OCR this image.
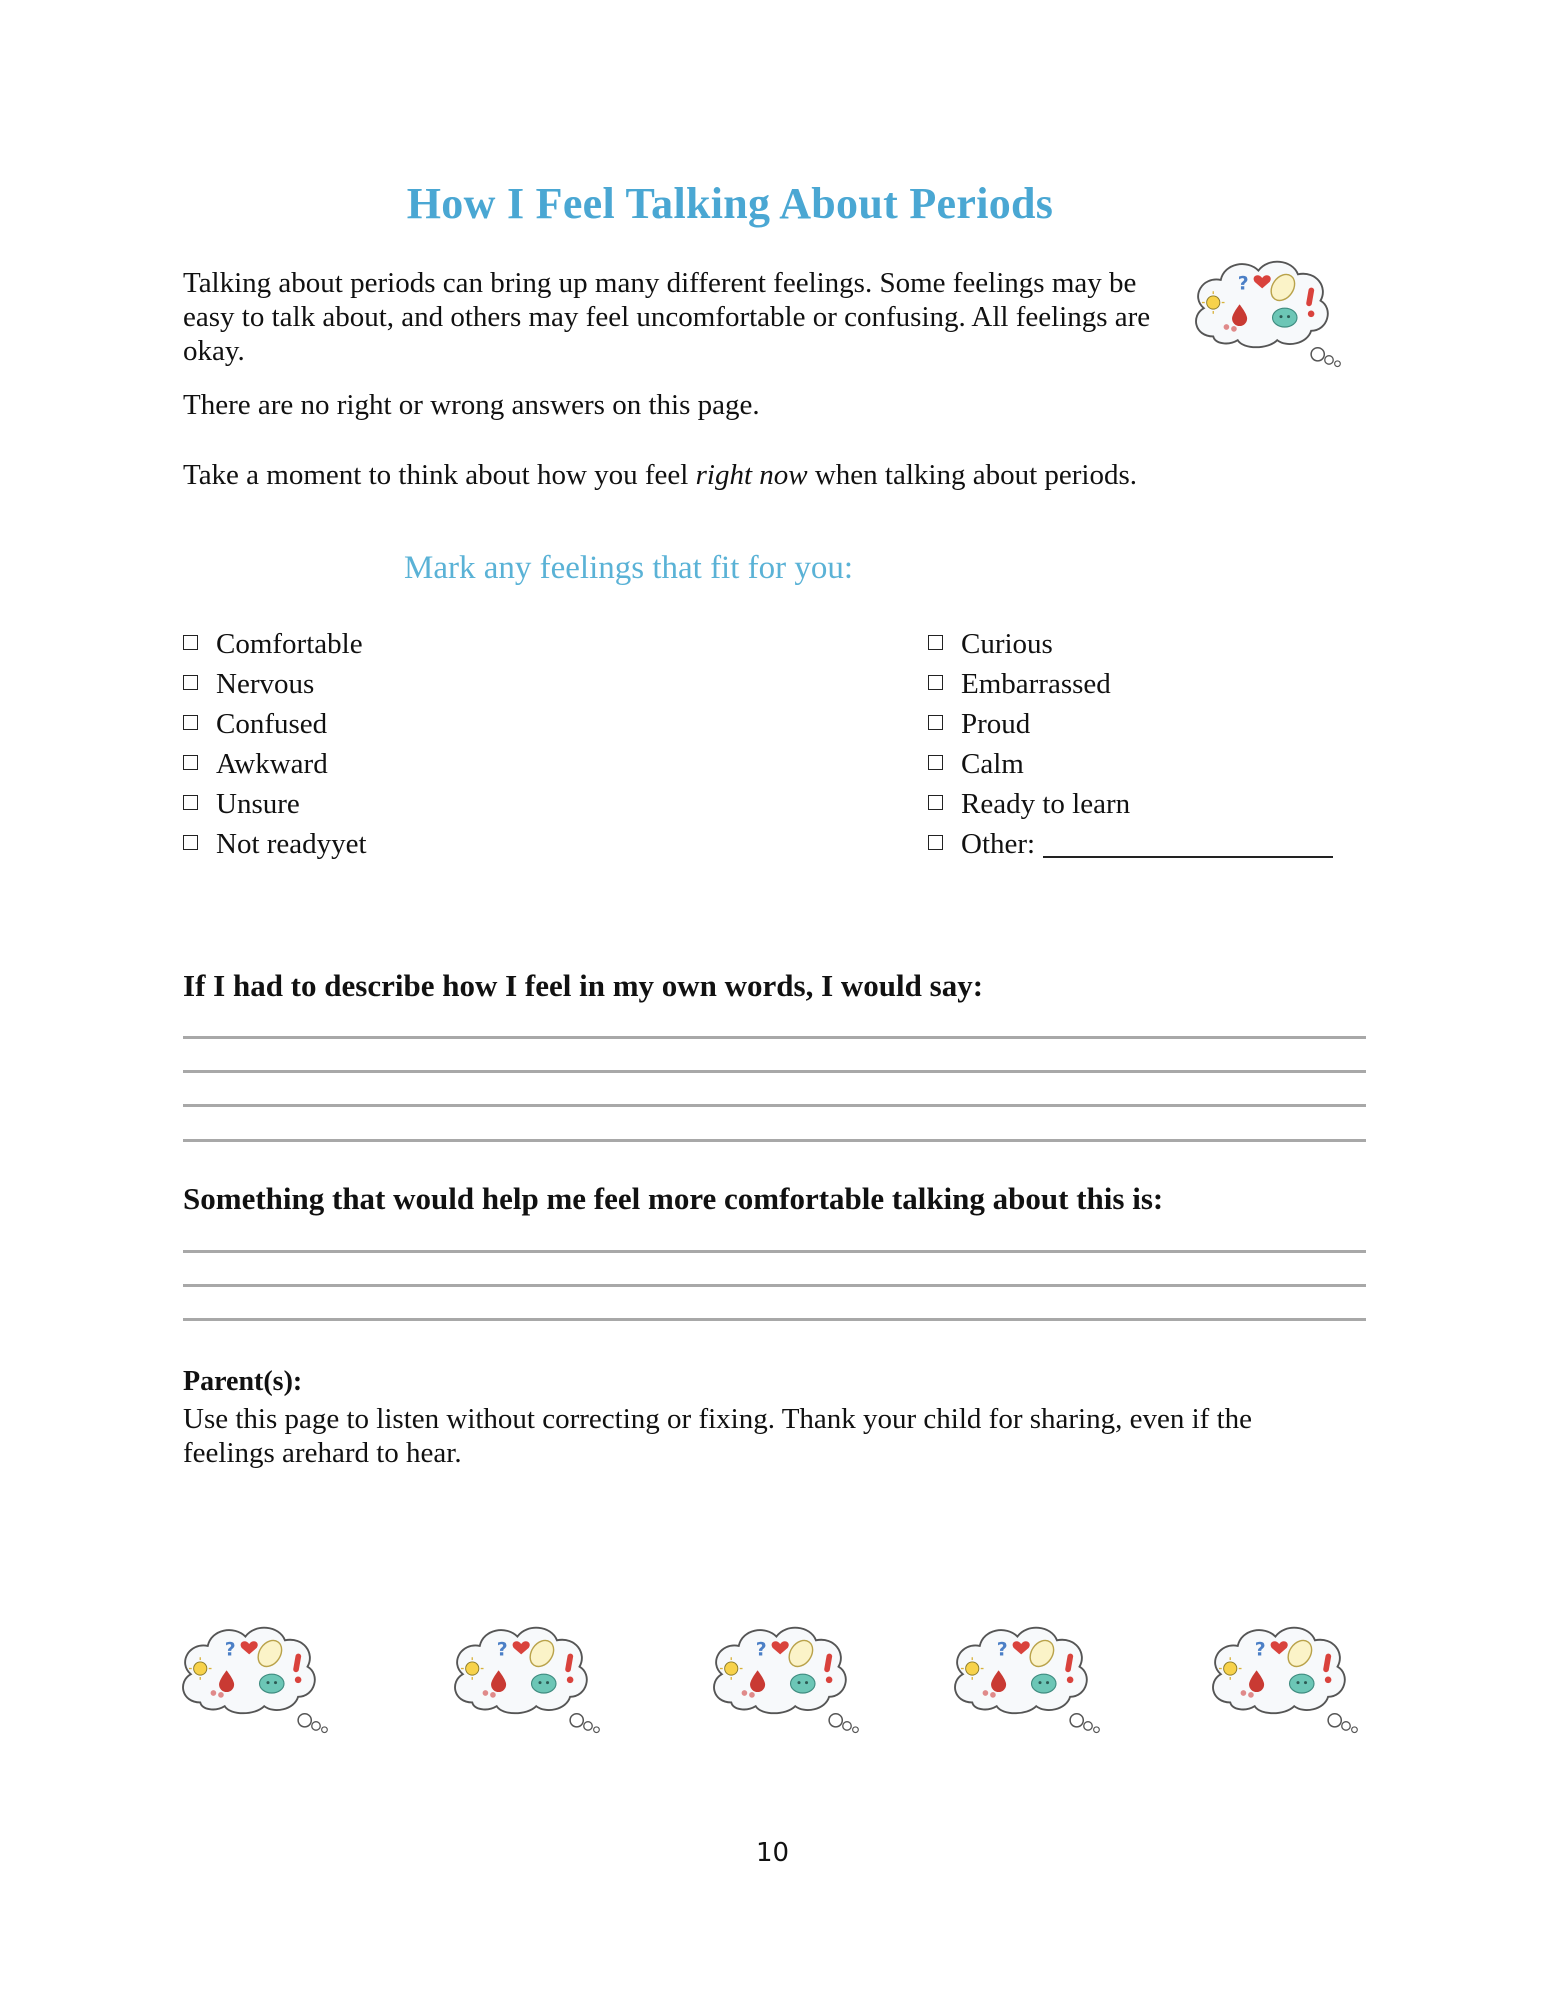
How I Feel Talking About Periods
Talking about periods can bring up many different feelings. Some feelings may be easy to talk about, and others may feel uncomfortable or confusing. All feelings are okay.
There are no right or wrong answers on this page.
Take a moment to think about how you feel right now when talking about periods.
Mark any feelings that fit for you:
Comfortable
Nervous
Confused
Awkward
Unsure
Not readyyet
Curious
Embarrassed
Proud
Calm
Ready to learn
Other:
If I had to describe how I feel in my own words, I would say:
Something that would help me feel more comfortable talking about this is:
Parent(s):
Use this page to listen without correcting or fixing. Thank your child for sharing, even if the feelings arehard to hear.
10
